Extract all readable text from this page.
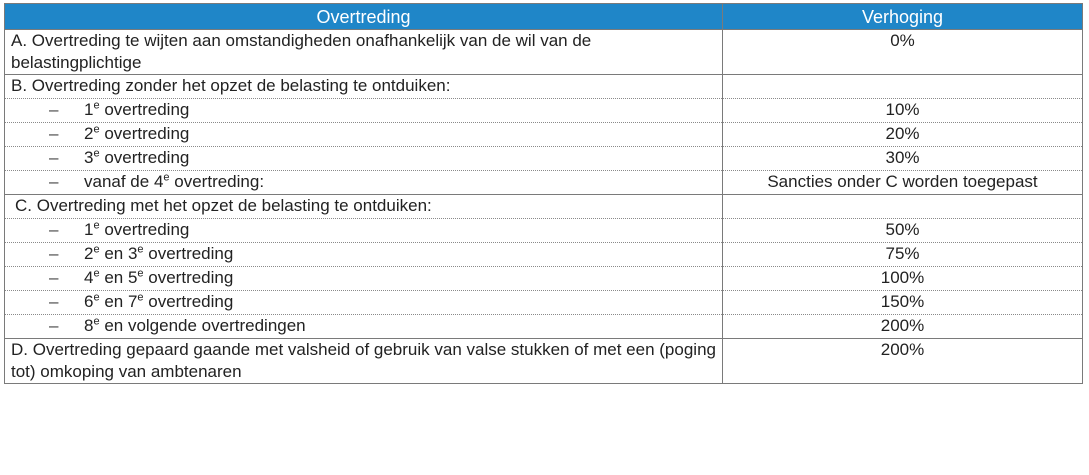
Overtreding	Verhoging
A. Overtreding te wijten aan omstandigheden onafhankelijk van de wil van de belastingplichtige	0%
B. Overtreding zonder het opzet de belasting te ontduiken:	
– 1e overtreding	10%
– 2e overtreding	20%
– 3e overtreding	30%
– vanaf de 4e overtreding:	Sancties onder C worden toegepast
C. Overtreding met het opzet de belasting te ontduiken:	
– 1e overtreding	50%
– 2e en 3e overtreding	75%
– 4e en 5e overtreding	100%
– 6e en 7e overtreding	150%
– 8e en volgende overtredingen	200%
D. Overtreding gepaard gaande met valsheid of gebruik van valse stukken of met een (poging tot) omkoping van ambtenaren	200%
